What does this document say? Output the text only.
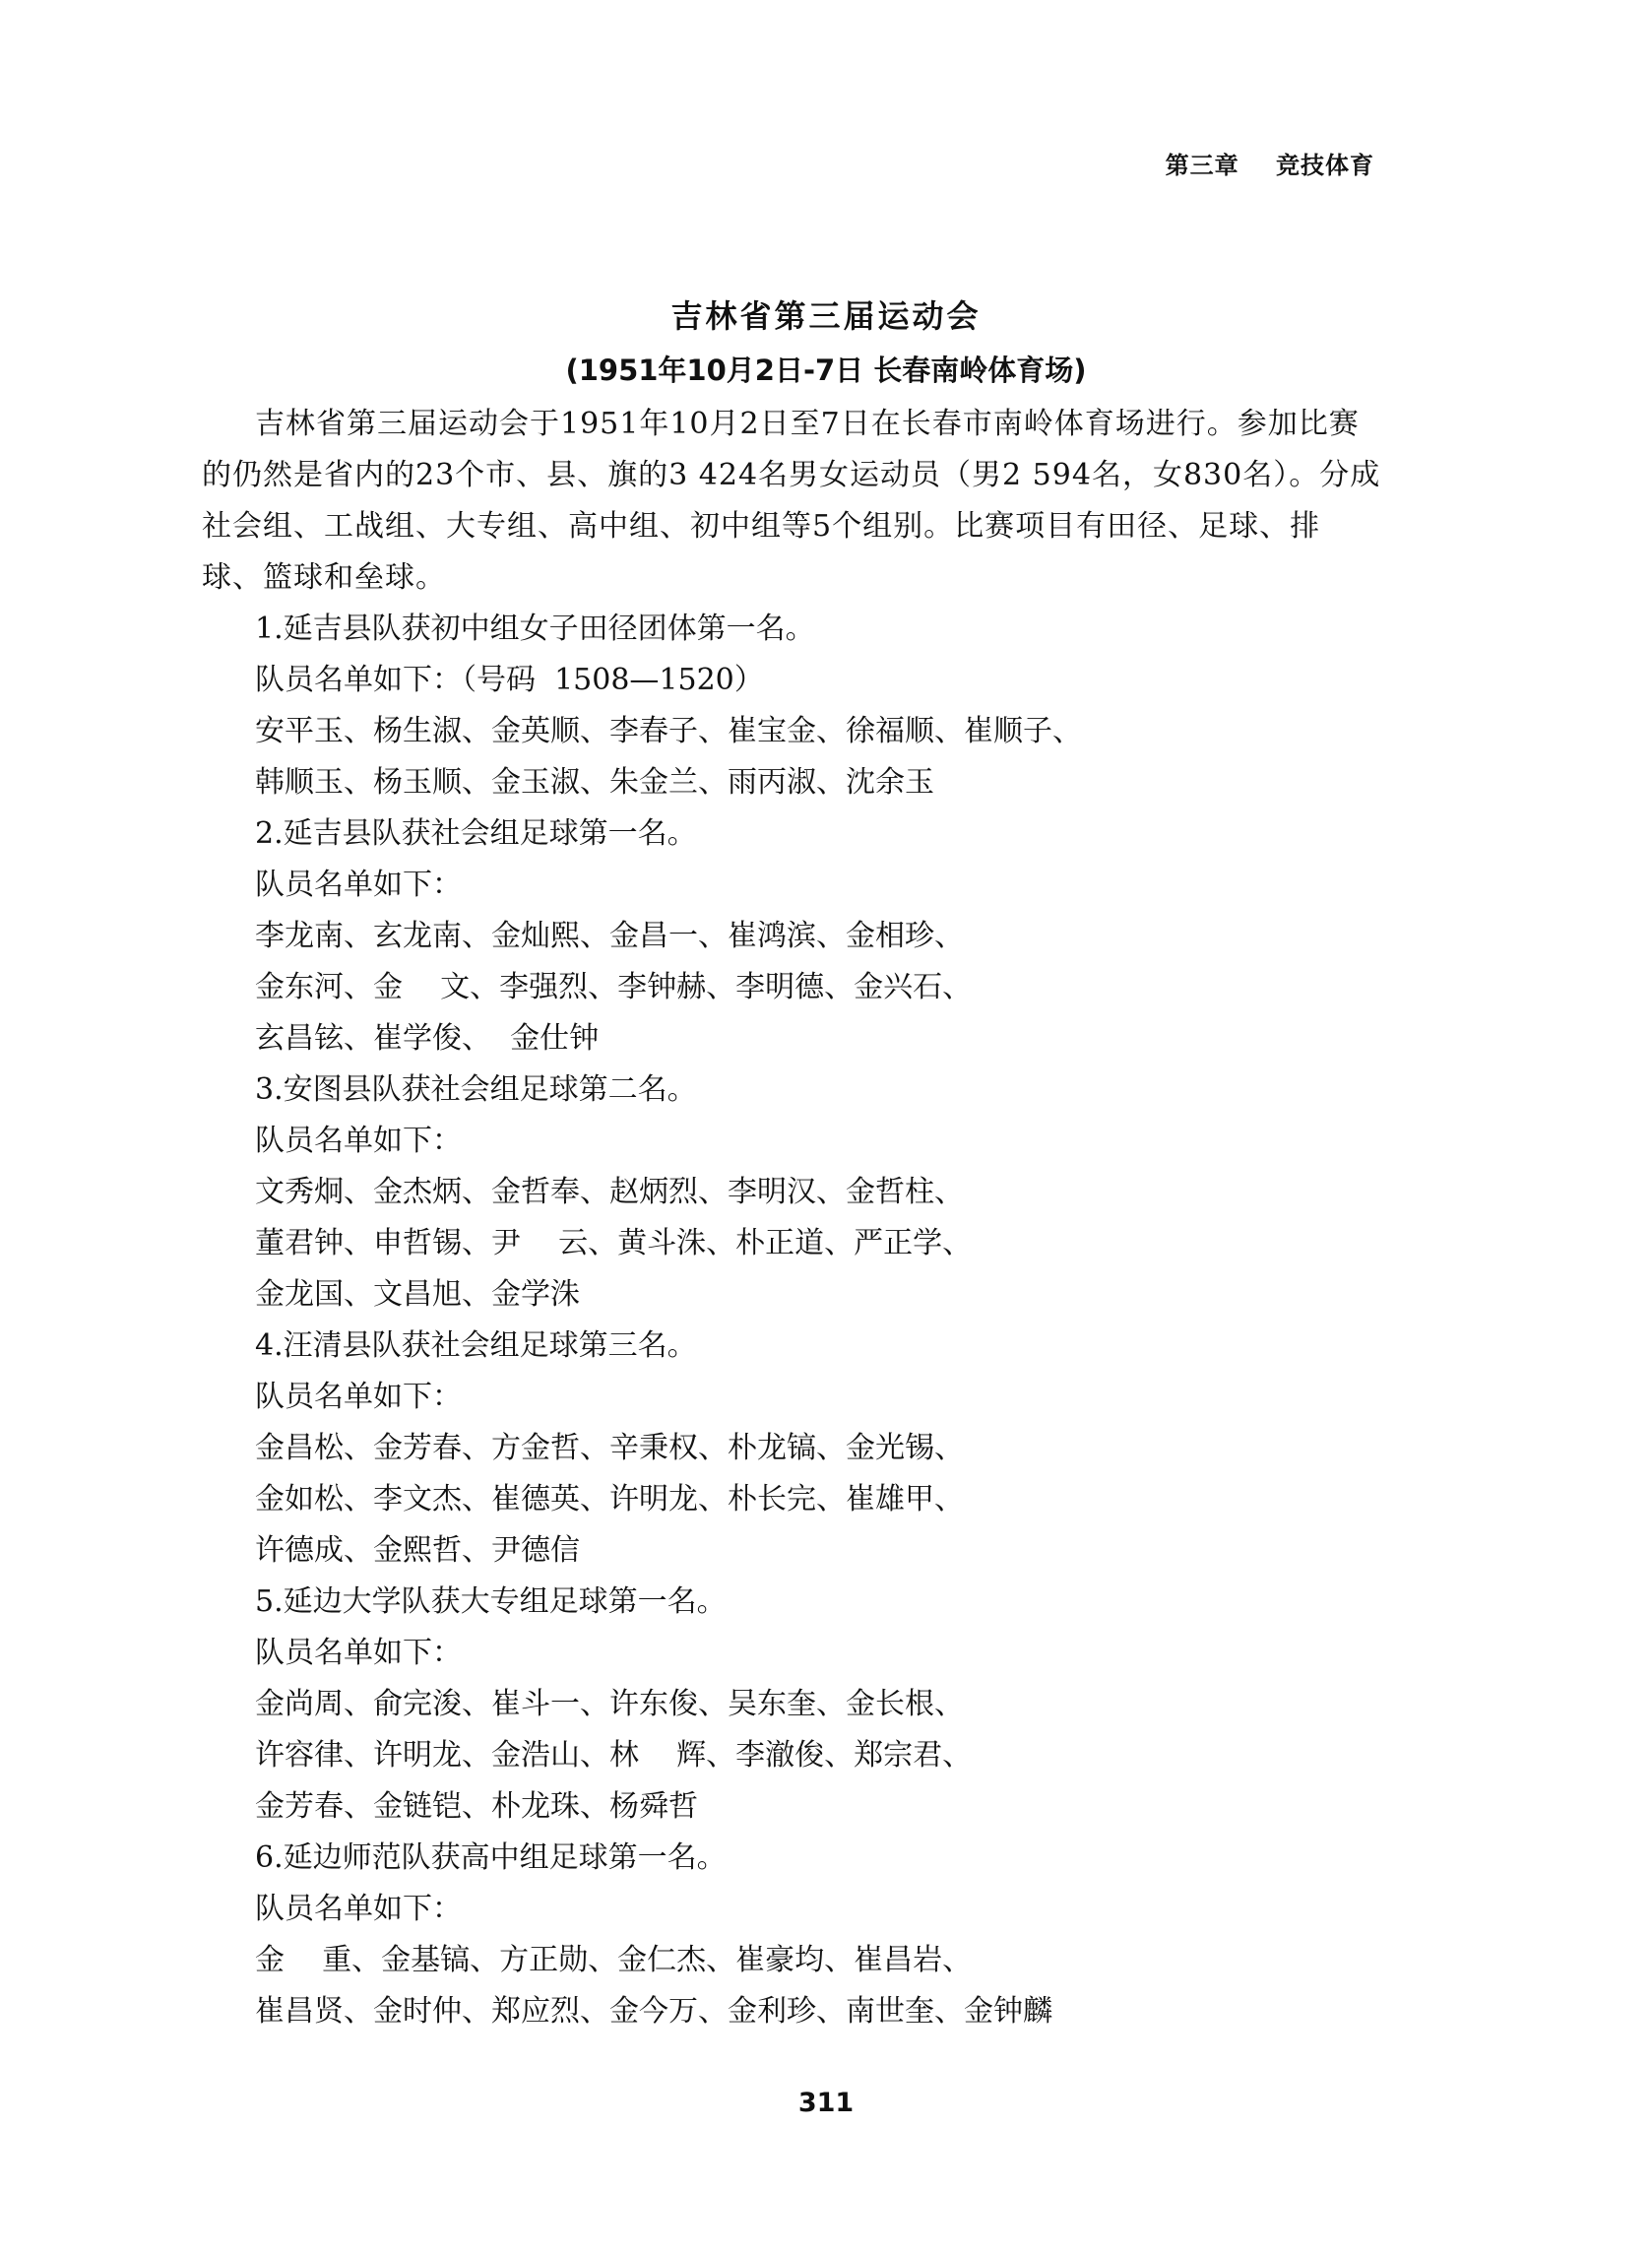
第三章    竞技体育
吉林省第三届运动会
(1951年10月2日-7日 长春南岭体育场)
吉林省第三届运动会于1951年10月2日至7日在长春市南岭体育场进行。参加比赛
的仍然是省内的23个市、县、旗的3 424名男女运动员（男2 594名，女830名）。分成
社会组、工战组、大专组、高中组、初中组等5个组别。比赛项目有田径、足球、排
球、篮球和垒球。
1.延吉县队获初中组女子田径团体第一名。
队员名单如下：（号码  1508—1520）
安平玉、杨生淑、金英顺、李春子、崔宝金、徐福顺、崔顺子、
韩顺玉、杨玉顺、金玉淑、朱金兰、雨丙淑、沈余玉
2.延吉县队获社会组足球第一名。
队员名单如下：
李龙南、玄龙南、金灿熙、金昌一、崔鸿滨、金相珍、
金东河、金    文、李强烈、李钟赫、李明德、金兴石、
玄昌铉、崔学俊、  金仕钟
3.安图县队获社会组足球第二名。
队员名单如下：
文秀炯、金杰炳、金哲奉、赵炳烈、李明汉、金哲柱、
董君钟、申哲锡、尹    云、黄斗洙、朴正道、严正学、
金龙国、文昌旭、金学洙
4.汪清县队获社会组足球第三名。
队员名单如下：
金昌松、金芳春、方金哲、辛秉权、朴龙镐、金光锡、
金如松、李文杰、崔德英、许明龙、朴长完、崔雄甲、
许德成、金熙哲、尹德信
5.延边大学队获大专组足球第一名。
队员名单如下：
金尚周、俞完浚、崔斗一、许东俊、吴东奎、金长根、
许容律、许明龙、金浩山、林    辉、李澈俊、郑宗君、
金芳春、金链铠、朴龙珠、杨舜哲
6.延边师范队获高中组足球第一名。
队员名单如下：
金    重、金基镐、方正勋、金仁杰、崔豪均、崔昌岩、
崔昌贤、金时仲、郑应烈、金今万、金利珍、南世奎、金钟麟
311
